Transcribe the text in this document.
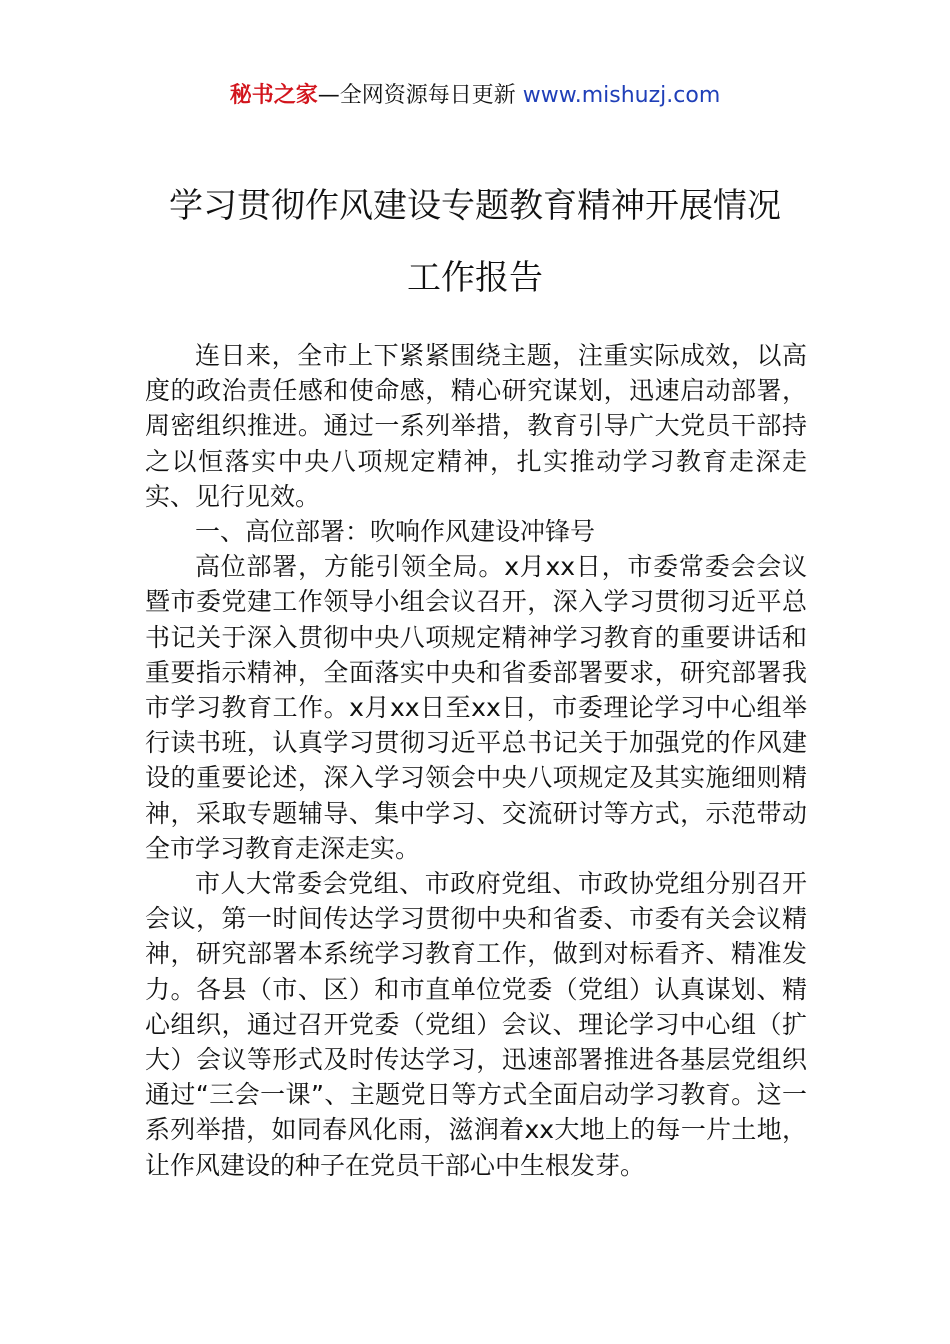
秘书之家—全网资源每日更新 www.mishuzj.com
学习贯彻作风建设专题教育精神开展情况
工作报告

连日来，全市上下紧紧围绕主题，注重实际成效，以高度的政治责任感和使命感，精心研究谋划，迅速启动部署，周密组织推进。通过一系列举措，教育引导广大党员干部持之以恒落实中央八项规定精神，扎实推动学习教育走深走实、见行见效。

一、高位部署：吹响作风建设冲锋号

高位部署，方能引领全局。x月xx日，市委常委会会议暨市委党建工作领导小组会议召开，深入学习贯彻习近平总书记关于深入贯彻中央八项规定精神学习教育的重要讲话和重要指示精神，全面落实中央和省委部署要求，研究部署我市学习教育工作。x月xx日至xx日，市委理论学习中心组举行读书班，认真学习贯彻习近平总书记关于加强党的作风建设的重要论述，深入学习领会中央八项规定及其实施细则精神，采取专题辅导、集中学习、交流研讨等方式，示范带动全市学习教育走深走实。

市人大常委会党组、市政府党组、市政协党组分别召开会议，第一时间传达学习贯彻中央和省委、市委有关会议精神，研究部署本系统学习教育工作，做到对标看齐、精准发力。各县（市、区）和市直单位党委（党组）认真谋划、精心组织，通过召开党委（党组）会议、理论学习中心组（扩大）会议等形式及时传达学习，迅速部署推进各基层党组织通过“三会一课”、主题党日等方式全面启动学习教育。这一系列举措，如同春风化雨，滋润着xx大地上的每一片土地，让作风建设的种子在党员干部心中生根发芽。
